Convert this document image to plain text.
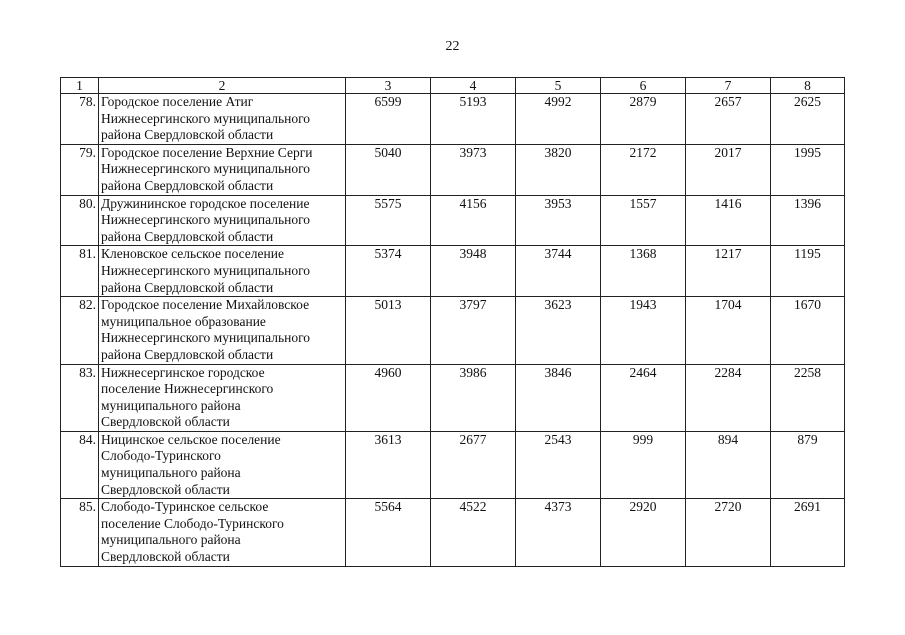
22
1	2	3	4	5	6	7	8
78.	Городское поселение Атиг
Нижнесергинского муниципального
района Свердловской области	6599	5193	4992	2879	2657	2625
79.	Городское поселение Верхние Серги
Нижнесергинского муниципального
района Свердловской области	5040	3973	3820	2172	2017	1995
80.	Дружининское городское поселение
Нижнесергинского муниципального
района Свердловской области	5575	4156	3953	1557	1416	1396
81.	Кленовское сельское поселение
Нижнесергинского муниципального
района Свердловской области	5374	3948	3744	1368	1217	1195
82.	Городское поселение Михайловское
муниципальное образование
Нижнесергинского муниципального
района Свердловской области	5013	3797	3623	1943	1704	1670
83.	Нижнесергинское городское
поселение Нижнесергинского
муниципального района
Свердловской области	4960	3986	3846	2464	2284	2258
84.	Ницинское сельское поселение
Слободо-Туринского
муниципального района
Свердловской области	3613	2677	2543	999	894	879
85.	Слободо-Туринское сельское
поселение Слободо-Туринского
муниципального района
Свердловской области	5564	4522	4373	2920	2720	2691
